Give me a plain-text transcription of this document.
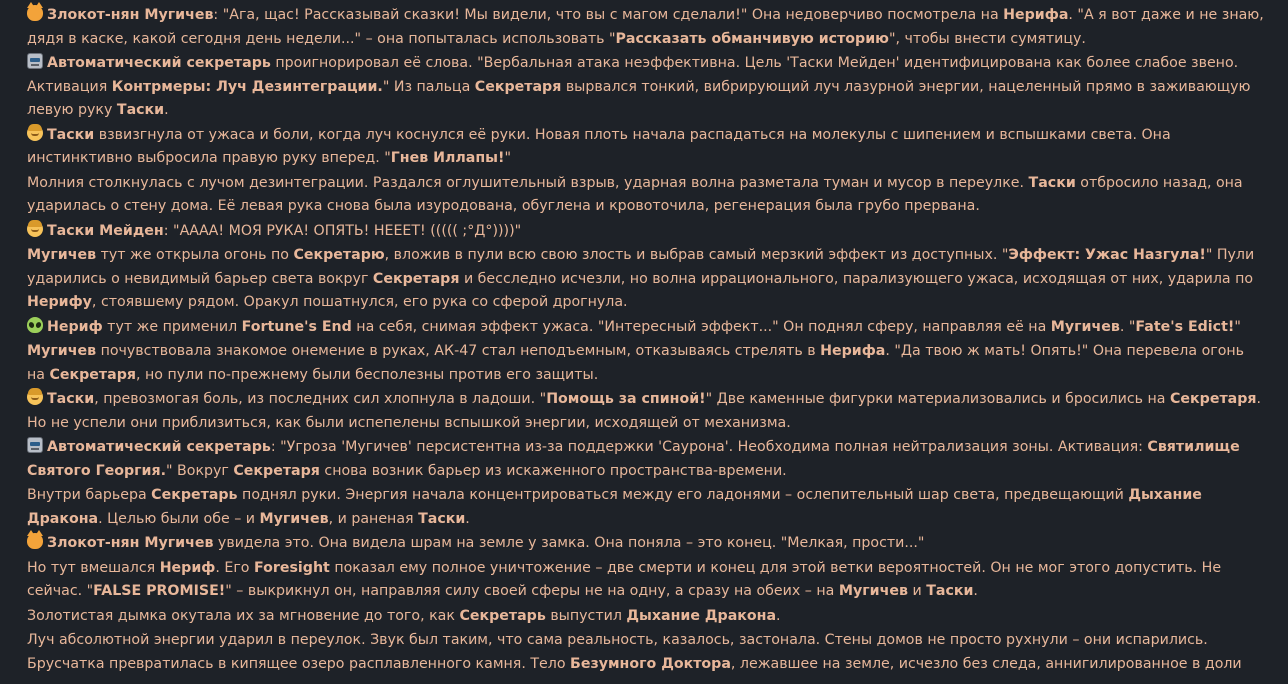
Злокот-нян Мугичев: "Ага, щас! Рассказывай сказки! Мы видели, что вы с магом сделали!" Она недоверчиво посмотрела на Нерифа. "А я вот даже и не знаю, дядя в каске, какой сегодня день недели..." – она попыталась использовать "Рассказать обманчивую историю", чтобы внести сумятицу.
Автоматический секретарь проигнорировал её слова. "Вербальная атака неэффективна. Цель 'Таски Мейден' идентифицирована как более слабое звено. Активация Контрмеры: Луч Дезинтеграции." Из пальца Секретаря вырвался тонкий, вибрирующий луч лазурной энергии, нацеленный прямо в заживающую левую руку Таски.
Таски взвизгнула от ужаса и боли, когда луч коснулся её руки. Новая плоть начала распадаться на молекулы с шипением и вспышками света. Она инстинктивно выбросила правую руку вперед. "Гнев Иллапы!"
Молния столкнулась с лучом дезинтеграции. Раздался оглушительный взрыв, ударная волна разметала туман и мусор в переулке. Таски отбросило назад, она ударилась о стену дома. Её левая рука снова была изуродована, обуглена и кровоточила, регенерация была грубо прервана.
Таски Мейден: "АААА! МОЯ РУКА! ОПЯТЬ! НЕЕЕТ! ((((( ;°Д°))))"
Мугичев тут же открыла огонь по Секретарю, вложив в пули всю свою злость и выбрав самый мерзкий эффект из доступных. "Эффект: Ужас Назгула!" Пули ударились о невидимый барьер света вокруг Секретаря и бесследно исчезли, но волна иррационального, парализующего ужаса, исходящая от них, ударила по Нерифу, стоявшему рядом. Оракул пошатнулся, его рука со сферой дрогнула.
Нериф тут же применил Fortune's End на себя, снимая эффект ужаса. "Интересный эффект..." Он поднял сферу, направляя её на Мугичев. "Fate's Edict!"
Мугичев почувствовала знакомое онемение в руках, АК-47 стал неподъемным, отказываясь стрелять в Нерифа. "Да твою ж мать! Опять!" Она перевела огонь на Секретаря, но пули по-прежнему были бесполезны против его защиты.
Таски, превозмогая боль, из последних сил хлопнула в ладоши. "Помощь за спиной!" Две каменные фигурки материализовались и бросились на Секретаря. Но не успели они приблизиться, как были испепелены вспышкой энергии, исходящей от механизма.
Автоматический секретарь: "Угроза 'Мугичев' персистентна из-за поддержки 'Саурона'. Необходима полная нейтрализация зоны. Активация: Святилище Святого Георгия." Вокруг Секретаря снова возник барьер из искаженного пространства-времени.
Внутри барьера Секретарь поднял руки. Энергия начала концентрироваться между его ладонями – ослепительный шар света, предвещающий Дыхание Дракона. Целью были обе – и Мугичев, и раненая Таски.
Злокот-нян Мугичев увидела это. Она видела шрам на земле у замка. Она поняла – это конец. "Мелкая, прости..."
Но тут вмешался Нериф. Его Foresight показал ему полное уничтожение – две смерти и конец для этой ветки вероятностей. Он не мог этого допустить. Не сейчас. "FALSE PROMISE!" – выкрикнул он, направляя силу своей сферы не на одну, а сразу на обеих – на Мугичев и Таски.
Золотистая дымка окутала их за мгновение до того, как Секретарь выпустил Дыхание Дракона.
Луч абсолютной энергии ударил в переулок. Звук был таким, что сама реальность, казалось, застонала. Стены домов не просто рухнули – они испарились. Брусчатка превратилась в кипящее озеро расплавленного камня. Тело Безумного Доктора, лежавшее на земле, исчезло без следа, аннигилированное в доли
